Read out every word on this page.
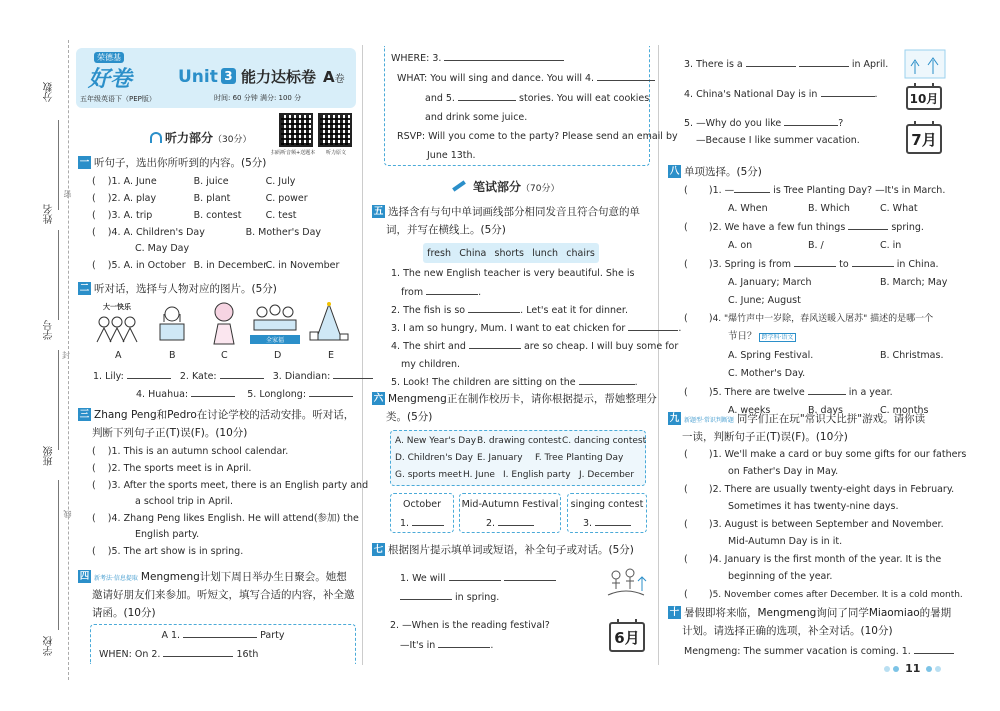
分数
姓名
学号
班级
学校
密
封
线
荣德基
好卷
五年级英语下（PEP版）
Unit 3 能力达标卷 A卷
时间: 60 分钟 满分: 100 分
扫码听音频+送题本 听力原文
听力部分（30分）
一 听句子，选出你所听到的内容。(5分)
(    )1. A. June	B. juice	C. July
(    )2. A. play	B. plant	C. power
(    )3. A. trip	B. contest	C. test
(    )4. A. Children's Day	B. Mother's Day
C. May Day
(    )5. A. in October B. in DecemberC. in November
二 听对话，选择与人物对应的图片。(5分)
大一快乐
全家福
A	B	C	D	E
1. Lily:	2. Kate:	3. Diandian:
4. Huahua:	5. Longlong:
三 Zhang Peng和Pedro在讨论学校的活动安排。听对话，
判断下列句子正(T)误(F)。(10分)
(    )1. This is an autumn school calendar.
(    )2. The sports meet is in April.
(    )3. After the sports meet, there is an English party and
a school trip in April.
(    )4. Zhang Peng likes English. He will attend(参加) the
English party.
(    )5. The art show is in spring.
四 新考法·信息提取 Mengmeng计划下周日举办生日聚会。她想
邀请好朋友们来参加。听短文，填写合适的内容，补全邀
请函。(10分)
A 1.	Party
WHEN: On 2.	16th
WHERE: 3.
WHAT: You will sing and dance. You will 4.
and 5.	stories. You will eat cookies
and drink some juice.
RSVP: Will you come to the party? Please send an email by
June 13th.
笔试部分（70分）
五 选择含有与句中单词画线部分相同发音且符合句意的单
词，并写在横线上。(5分)
fresh China shorts lunch chairs
1. The new English teacher is very beautiful. She is
from	.
2. The fish is so	. Let's eat it for dinner.
3. I am so hungry, Mum. I want to eat chicken for	.
4. The shirt and	are so cheap. I will buy some for
my children.
5. Look! The children are sitting on the	.
六 Mengmeng正在制作校历卡，请你根据提示，帮她整理分
类。(5分)
A. New Year's DayB. drawing contestC. dancing contest
D. Children's Day E. January F. Tree Planting Day
G. sports meetH. June I. English party J. December
October
1.
Mid-Autumn Festival
2.
singing contest
3.
七 根据图片提示填单词或短语，补全句子或对话。(5分)
1. We will
in spring.
2. —When is the reading festival?
—It's in	.	6月
3. There is a	in April.
4. China's National Day is in	.
5. —Why do you like	?
—Because I like summer vacation.
10月
7月
八 单项选择。(5分)
(       )1. —	is Tree Planting Day? —It's in March.
A. When	B. Which	C. What
(       )2. We have a few fun things	spring.
A. on	B. /	C. in
(       )3. Spring is from	to	in China.
A. January; March	B. March; May
C. June; August
(       )4. "爆竹声中一岁除，春风送暖入屠苏" 描述的是哪一个
节日？ 跨学科·语文
A. Spring Festival.	B. Christmas.
C. Mother's Day.
(       )5. There are twelve	in a year.
A. weeks	B. days	C. months
九 新题型·常识判断题 同学们正在玩"常识大比拼"游戏。请你读
一读，判断句子正(T)误(F)。(10分)
(       )1. We'll make a card or buy some gifts for our fathers
on Father's Day in May.
(       )2. There are usually twenty-eight days in February.
Sometimes it has twenty-nine days.
(       )3. August is between September and November.
Mid-Autumn Day is in it.
(       )4. January is the first month of the year. It is the
beginning of the year.
(       )5. November comes after December. It is a cold month.
十 暑假即将来临，Mengmeng询问了同学Miaomiao的暑期
计划。请选择正确的选项，补全对话。(10分)
Mengmeng: The summer vacation is coming. 1.
11
